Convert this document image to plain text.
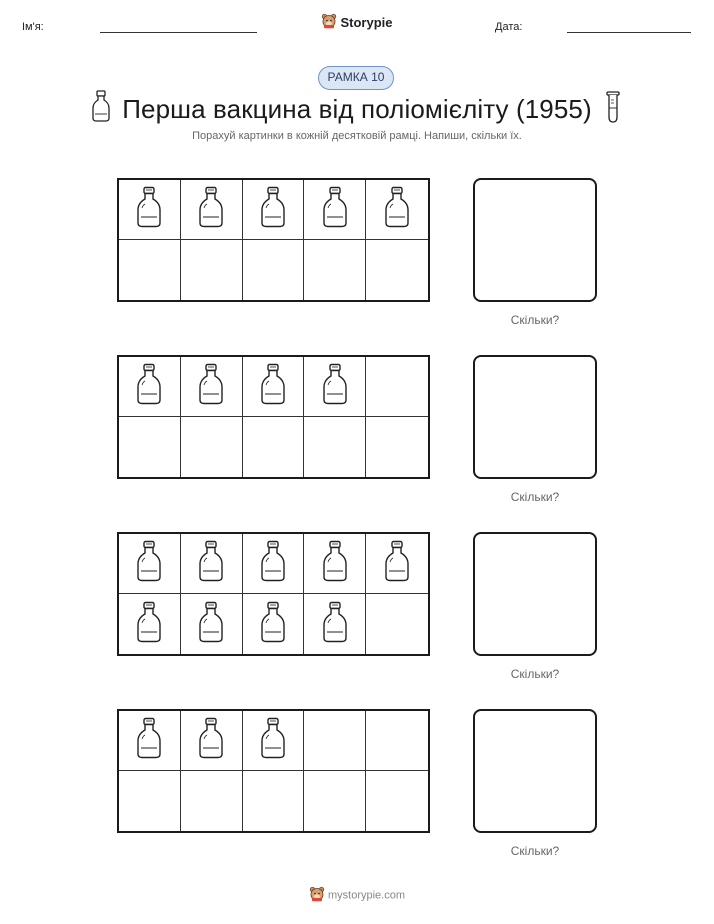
Ім'я:	Storypie	Дата:
РАМКА 10
Перша вакцина від поліомієліту (1955)
Порахуй картинки в кожній десятковій рамці. Напиши, скільки їх.
Скільки?
Скільки?
Скільки?
Скільки?
mystorypie.com
